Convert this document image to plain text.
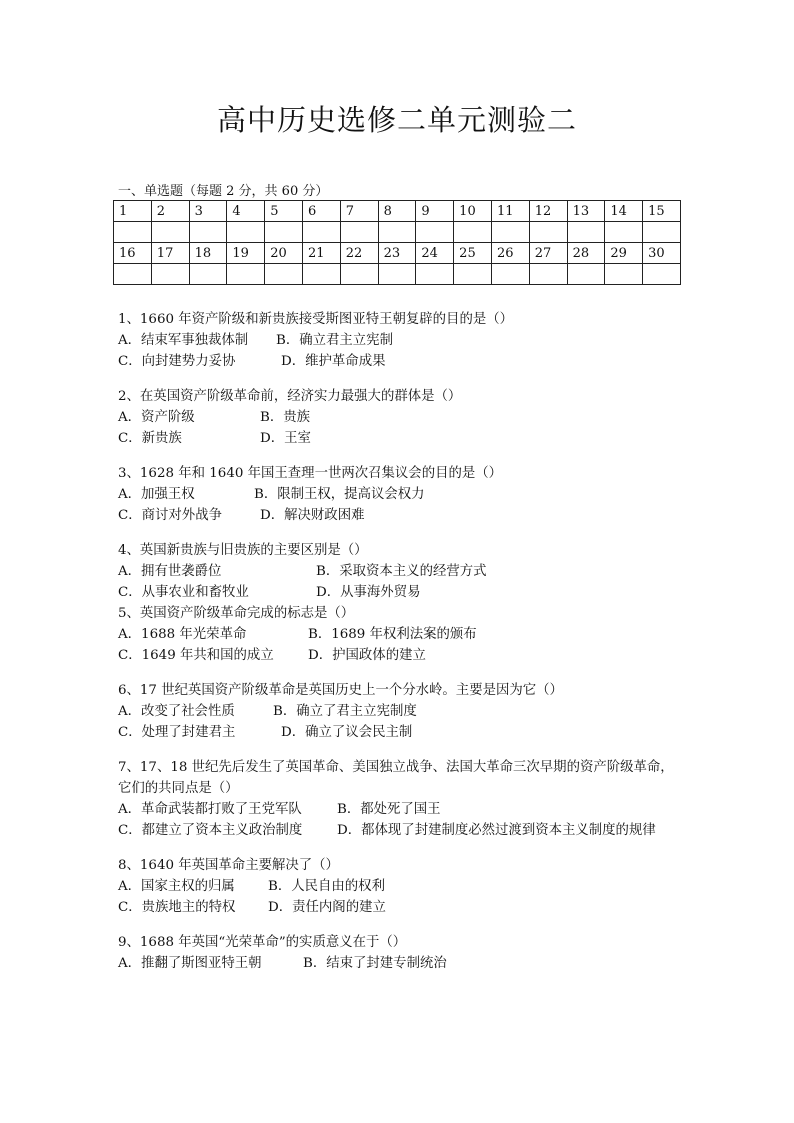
高中历史选修二单元测验二
一、单选题（每题 2 分，共 60 分）
1	2	3	4	5	6	7	8	9	10	11	12	13	14	15

16	17	18	19	20	21	22	23	24	25	26	27	28	29	30

1、1660 年资产阶级和新贵族接受斯图亚特王朝复辟的目的是（）
A．结束军事独裁体制 B．确立君主立宪制
C．向封建势力妥协	D．维护革命成果
2、在英国资产阶级革命前，经济实力最强大的群体是（）
A．资产阶级	B．贵族
C．新贵族	D．王室
3、1628 年和 1640 年国王查理一世两次召集议会的目的是（）
A．加强王权	B．限制王权，提高议会权力
C．商讨对外战争	D．解决财政困难
4、英国新贵族与旧贵族的主要区别是（）
A．拥有世袭爵位	B．采取资本主义的经营方式
C．从事农业和畜牧业	D．从事海外贸易
5、英国资产阶级革命完成的标志是（）
A．1688 年光荣革命	B．1689 年权利法案的颁布
C．1649 年共和国的成立	D．护国政体的建立
6、17 世纪英国资产阶级革命是英国历史上一个分水岭。主要是因为它（）
A．改变了社会性质	B．确立了君主立宪制度
C．处理了封建君主	D．确立了议会民主制
7、17、18 世纪先后发生了英国革命、美国独立战争、法国大革命三次早期的资产阶级革命，
它们的共同点是（）
A．革命武装都打败了王党军队	B．都处死了国王
C．都建立了资本主义政治制度	D．都体现了封建制度必然过渡到资本主义制度的规律
8、1640 年英国革命主要解决了（）
A．国家主权的归属 B．人民自由的权利
C．贵族地主的特权 D．责任内阁的建立
9、1688 年英国“光荣革命”的实质意义在于（）
A．推翻了斯图亚特王朝	B．结束了封建专制统治
